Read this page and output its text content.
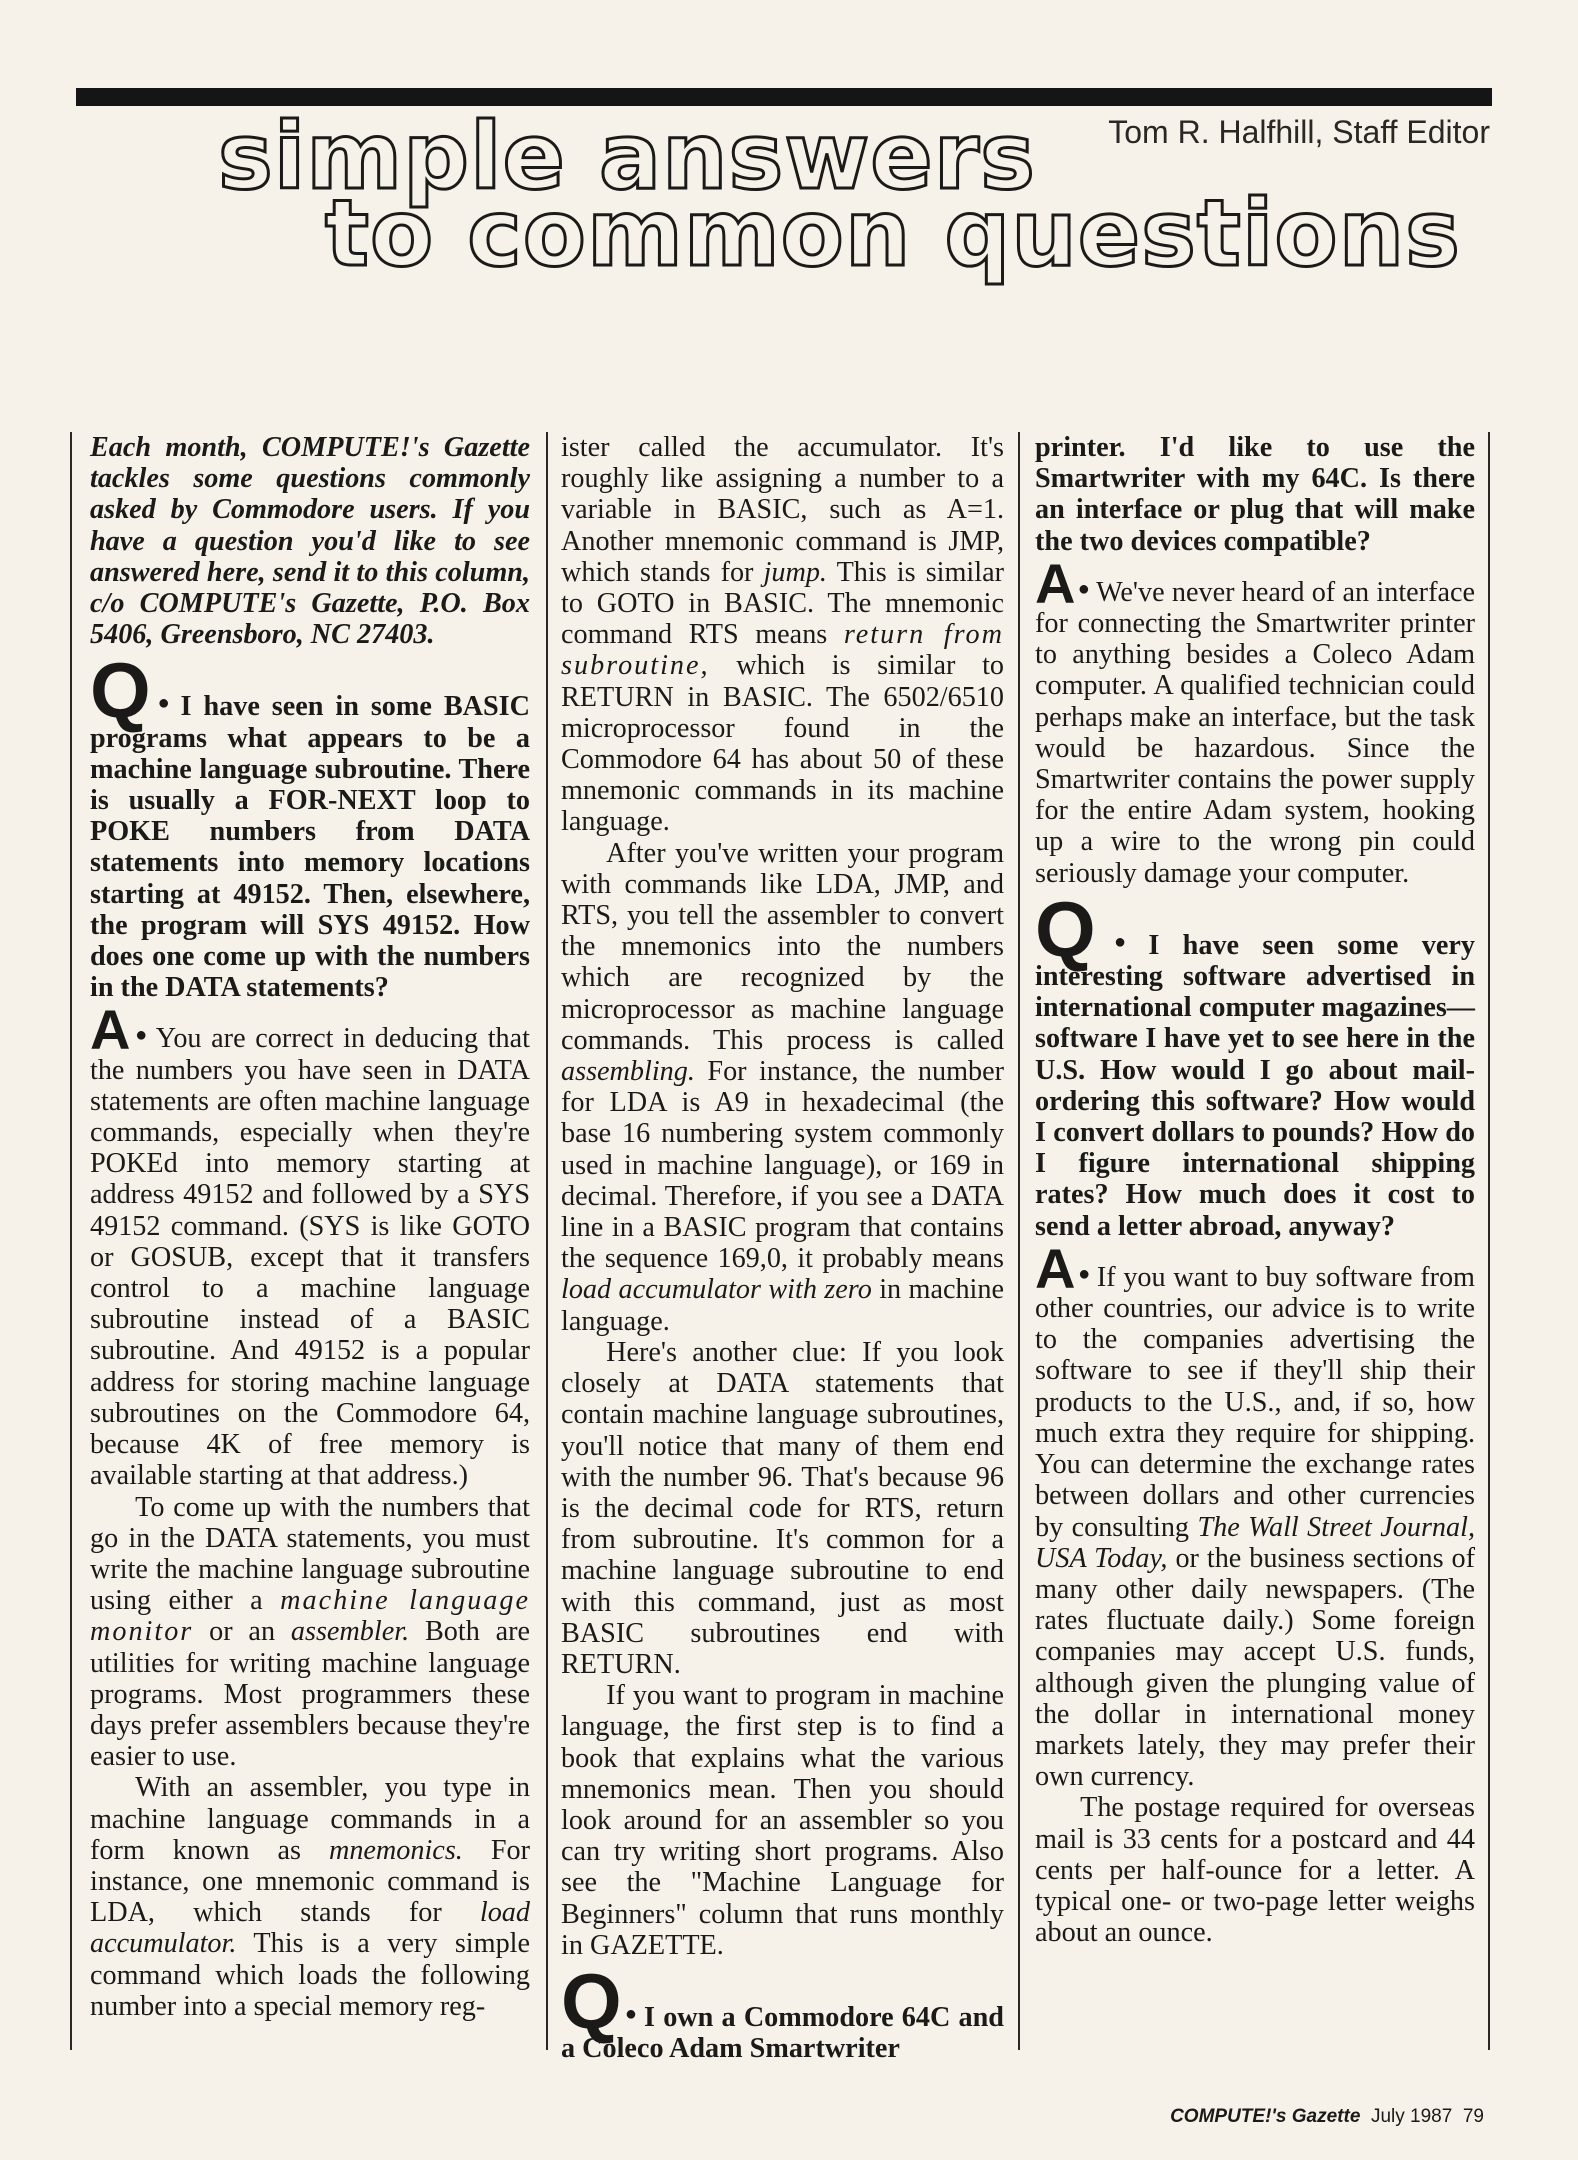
simple answers
to common questions
Tom R. Halfhill, Staff Editor

Each month, COMPUTE!'s Gazette tackles some questions commonly asked by Commodore users. If you have a question you'd like to see answered here, send it to this column, c/o COMPUTE's Gazette, P.O. Box 5406, Greensboro, NC 27403.

Q ● I have seen in some BASIC programs what appears to be a machine language subroutine. There is usually a FOR-NEXT loop to POKE numbers from DATA statements into memory locations starting at 49152. Then, elsewhere, the program will SYS 49152. How does one come up with the numbers in the DATA statements?

A ● You are correct in deducing that the numbers you have seen in DATA statements are often machine language commands, especially when they're POKEd into memory starting at address 49152 and followed by a SYS 49152 command. (SYS is like GOTO or GOSUB, except that it transfers control to a machine language subroutine instead of a BASIC subroutine. And 49152 is a popular address for storing machine language subroutines on the Commodore 64, because 4K of free memory is available starting at that address.)

To come up with the numbers that go in the DATA statements, you must write the machine language subroutine using either a machine language monitor or an assembler. Both are utilities for writing machine language programs. Most programmers these days prefer assemblers because they're easier to use.

With an assembler, you type in machine language commands in a form known as mnemonics. For instance, one mnemonic command is LDA, which stands for load accumulator. This is a very simple command which loads the following number into a special memory reg-

ister called the accumulator. It's roughly like assigning a number to a variable in BASIC, such as A=1. Another mnemonic command is JMP, which stands for jump. This is similar to GOTO in BASIC. The mnemonic command RTS means return from subroutine, which is similar to RETURN in BASIC. The 6502/6510 microprocessor found in the Commodore 64 has about 50 of these mnemonic commands in its machine language.

After you've written your program with commands like LDA, JMP, and RTS, you tell the assembler to convert the mnemonics into the numbers which are recognized by the microprocessor as machine language commands. This process is called assembling. For instance, the number for LDA is A9 in hexadecimal (the base 16 numbering system commonly used in machine language), or 169 in decimal. Therefore, if you see a DATA line in a BASIC program that contains the sequence 169,0, it probably means load accumulator with zero in machine language.

Here's another clue: If you look closely at DATA statements that contain machine language subroutines, you'll notice that many of them end with the number 96. That's because 96 is the decimal code for RTS, return from subroutine. It's common for a machine language subroutine to end with this command, just as most BASIC subroutines end with RETURN.

If you want to program in machine language, the first step is to find a book that explains what the various mnemonics mean. Then you should look around for an assembler so you can try writing short programs. Also see the "Machine Language for Beginners" column that runs monthly in GAZETTE.

Q ● I own a Commodore 64C and a Coleco Adam Smartwriter

printer. I'd like to use the Smartwriter with my 64C. Is there an interface or plug that will make the two devices compatible?

A ● We've never heard of an interface for connecting the Smartwriter printer to anything besides a Coleco Adam computer. A qualified technician could perhaps make an interface, but the task would be hazardous. Since the Smartwriter contains the power supply for the entire Adam system, hooking up a wire to the wrong pin could seriously damage your computer.

Q ● I have seen some very interesting software advertised in international computer magazines—software I have yet to see here in the U.S. How would I go about mail-ordering this software? How would I convert dollars to pounds? How do I figure international shipping rates? How much does it cost to send a letter abroad, anyway?

A ● If you want to buy software from other countries, our advice is to write to the companies advertising the software to see if they'll ship their products to the U.S., and, if so, how much extra they require for shipping. You can determine the exchange rates between dollars and other currencies by consulting The Wall Street Journal, USA Today, or the business sections of many other daily newspapers. (The rates fluctuate daily.) Some foreign companies may accept U.S. funds, although given the plunging value of the dollar in international money markets lately, they may prefer their own currency.

The postage required for overseas mail is 33 cents for a postcard and 44 cents per half-ounce for a letter. A typical one- or two-page letter weighs about an ounce.

COMPUTE!'s Gazette July 1987 79
